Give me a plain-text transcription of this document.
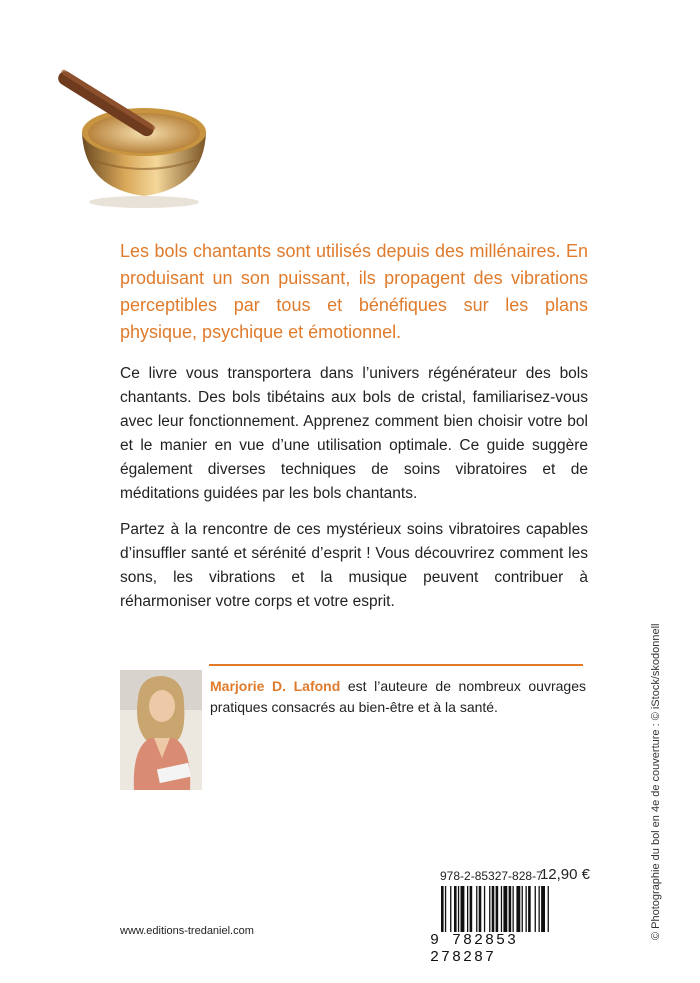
Les bols chantants sont utilisés depuis des millénaires. En produisant un son puissant, ils propagent des vibrations perceptibles par tous et bénéfiques sur les plans physique, psychique et émotionnel.

Ce livre vous transportera dans l’univers régénérateur des bols chantants. Des bols tibétains aux bols de cristal, familiarisez-vous avec leur fonctionnement. Apprenez comment bien choisir votre bol et le manier en vue d’une utilisation optimale. Ce guide suggère également diverses techniques de soins vibratoires et de méditations guidées par les bols chantants.

Partez à la rencontre de ces mystérieux soins vibratoires capables d’insuffler santé et sérénité d’esprit ! Vous découvrirez comment les sons, les vibrations et la musique peuvent contribuer à réharmoniser votre corps et votre esprit.

Marjorie D. Lafond est l’auteure de nombreux ouvrages pratiques consacrés au bien-être et à la santé.

978-2-85327-828-7
12,90 €
9 782853 278287
www.editions-tredaniel.com	© Photographie du bol en 4e de couverture : © iStock/skodonnell
